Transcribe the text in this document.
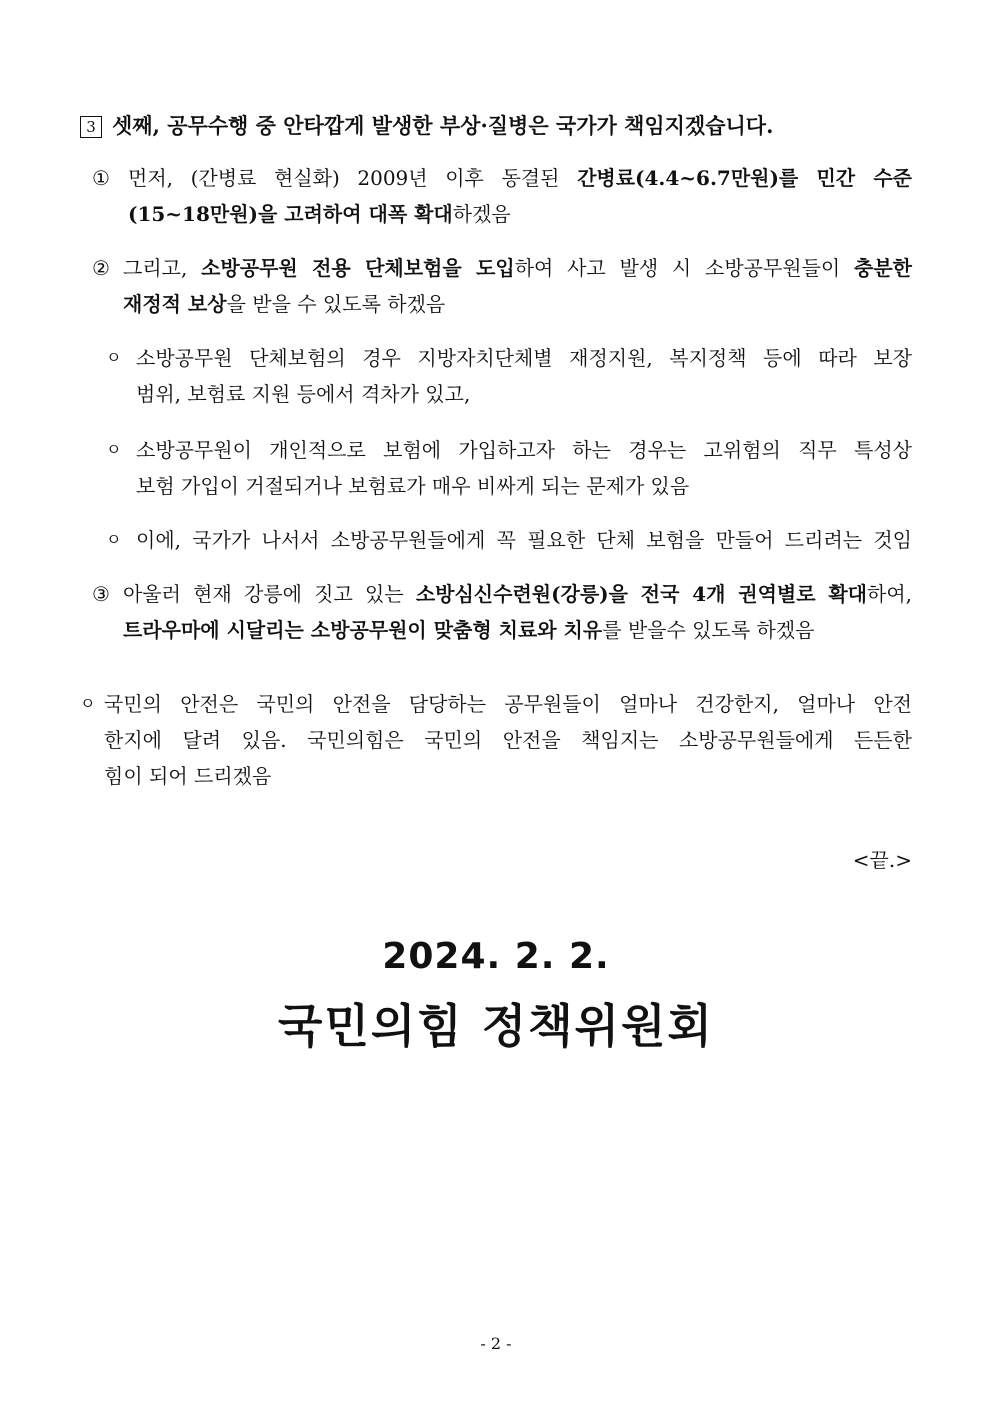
3 셋째, 공무수행 중 안타깝게 발생한 부상·질병은 국가가 책임지겠습니다.
① 먼저, (간병료 현실화) 2009년 이후 동결된 간병료(4.4~6.7만원)를 민간 수준
(15~18만원)을 고려하여 대폭 확대하겠음
② 그리고, 소방공무원 전용 단체보험을 도입하여 사고 발생 시 소방공무원들이 충분한
재정적 보상을 받을 수 있도록 하겠음
ㅇ 소방공무원 단체보험의 경우 지방자치단체별 재정지원, 복지정책 등에 따라 보장
범위, 보험료 지원 등에서 격차가 있고,
ㅇ 소방공무원이 개인적으로 보험에 가입하고자 하는 경우는 고위험의 직무 특성상
보험 가입이 거절되거나 보험료가 매우 비싸게 되는 문제가 있음
ㅇ 이에, 국가가 나서서 소방공무원들에게 꼭 필요한 단체 보험을 만들어 드리려는 것임
③ 아울러 현재 강릉에 짓고 있는 소방심신수련원(강릉)을 전국 4개 권역별로 확대하여,
트라우마에 시달리는 소방공무원이 맞춤형 치료와 치유를 받을수 있도록 하겠음
ㅇ 국민의 안전은 국민의 안전을 담당하는 공무원들이 얼마나 건강한지, 얼마나 안전
한지에 달려 있음. 국민의힘은 국민의 안전을 책임지는 소방공무원들에게 든든한
힘이 되어 드리겠음
<끝.>
2024. 2. 2.
국민의힘 정책위원회
- 2 -
